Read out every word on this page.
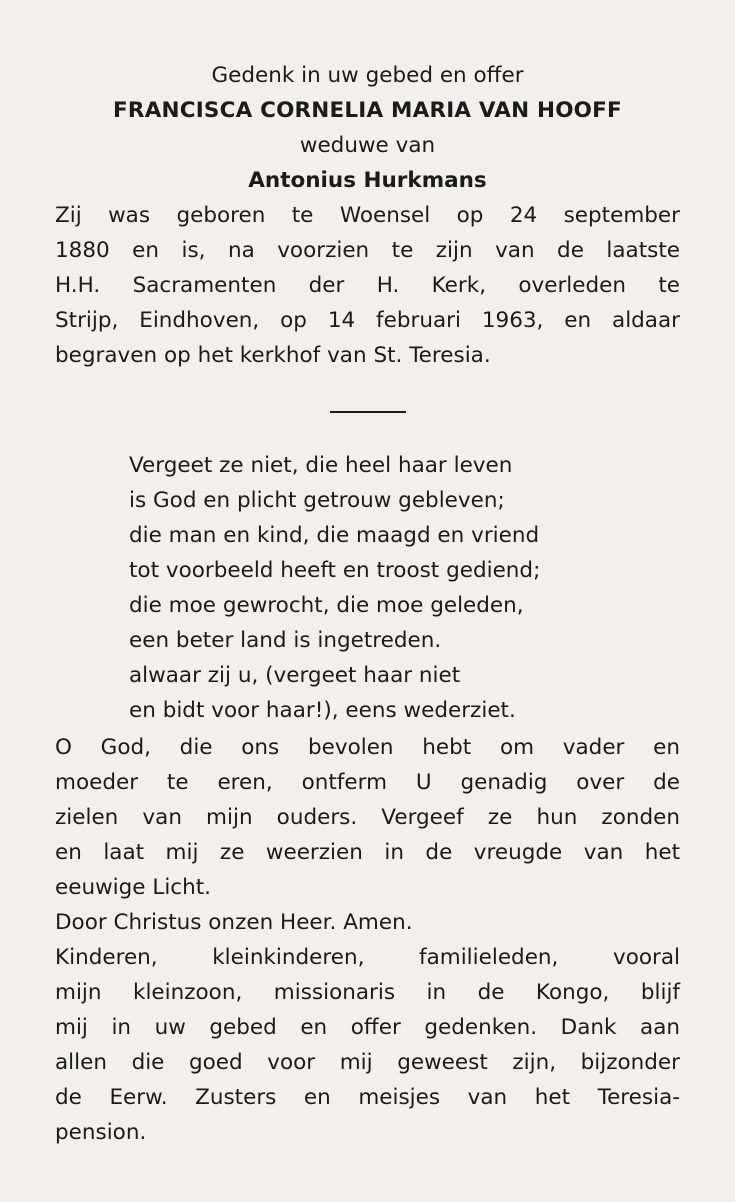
Gedenk in uw gebed en offer
FRANCISCA CORNELIA MARIA VAN HOOFF
weduwe van
Antonius Hurkmans
Zij was geboren te Woensel op 24 september
1880 en is, na voorzien te zijn van de laatste
H.H. Sacramenten der H. Kerk, overleden te
Strijp, Eindhoven, op 14 februari 1963, en aldaar
begraven op het kerkhof van St. Teresia.
Vergeet ze niet, die heel haar leven
is God en plicht getrouw gebleven;
die man en kind, die maagd en vriend
tot voorbeeld heeft en troost gediend;
die moe gewrocht, die moe geleden,
een beter land is ingetreden.
alwaar zij u, (vergeet haar niet
en bidt voor haar!), eens wederziet.
O God, die ons bevolen hebt om vader en
moeder te eren, ontferm U genadig over de
zielen van mijn ouders. Vergeef ze hun zonden
en laat mij ze weerzien in de vreugde van het
eeuwige Licht.
Door Christus onzen Heer. Amen.
Kinderen, kleinkinderen, familieleden, vooral
mijn kleinzoon, missionaris in de Kongo, blijf
mij in uw gebed en offer gedenken. Dank aan
allen die goed voor mij geweest zijn, bijzonder
de Eerw. Zusters en meisjes van het Teresia-
pension.
